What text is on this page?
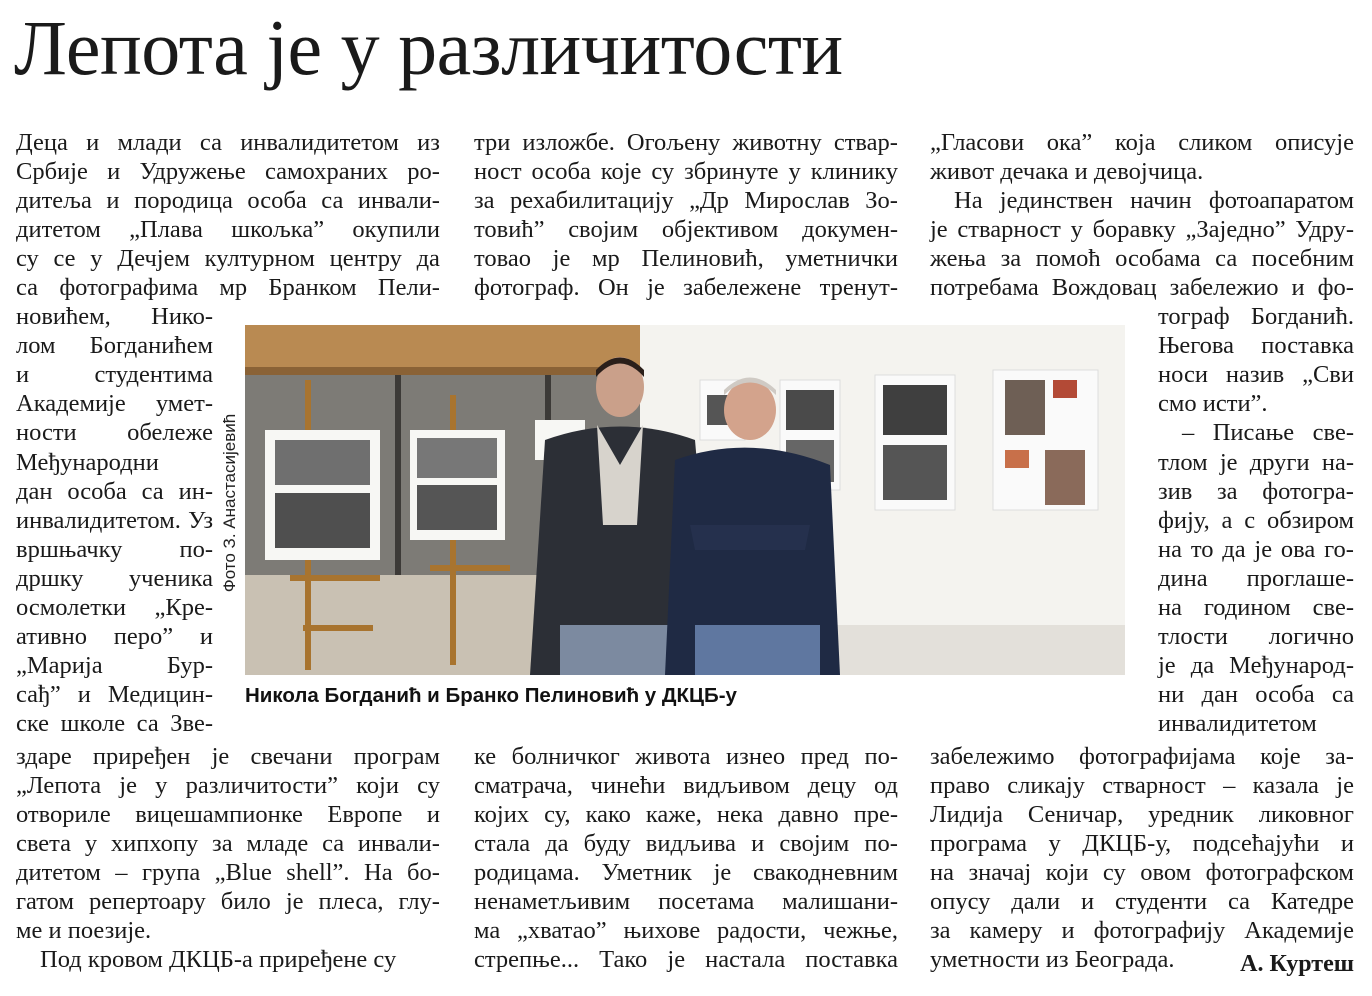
Лепота је у различитости
Деца и млади са инвалидитетом из
Србије и Удружење самохраних ро-
дитеља и породица особа са инвали-
дитетом „Плава шкољка” окупили
су се у Дечјем културном центру да
са фотографима мр Бранком Пели-
новићем, Нико-
лом Богданићем
и	студентима
Академије умет-
ности обележе
Међународни
дан особа са ин-
инвалидитетом. Уз
вршњачку по-
дршку ученика
осмолетки „Кре-
ативно перо” и
„Марија	Бур-
сађ” и Медицин-
ске школе са Зве-
здаре приређен је свечани програм
„Лепота је у различитости” који су
отвориле вицешампионке Европе и
света у хипхопу за младе са инвали-
дитетом – група „Blue shell”. На бо-
гатом репертоару било је плеса, глу-
ме и поезије.
Под кровом ДКЦБ-а приређене су
три изложбе. Огољену животну ствар-
ност особа које су збринуте у клинику
за рехабилитацију „Др Мирослав Зо-
товић” својим објективом докумен-
товао је мр Пелиновић, уметнички
фотограф. Он је забележене тренут-
ке болничког живота изнео пред по-
сматрача, чинећи видљивом децу од
којих су, како каже, нека давно пре-
стала да буду видљива и својим по-
родицама. Уметник је свакодневним
ненаметљивим посетама малишани-
ма „хватао” њихове радости, чежње,
стрепње... Тако је настала поставка
„Гласови ока” која сликом описује
живот дечака и девојчица.
На јединствен начин фотоапаратом
је стварност у боравку „Заједно” Удру-
жења за помоћ особама са посебним
потребама Вождовац забележио и фо-
тограф Богданић.
Његова поставка
носи назив „Сви
смо исти”.
– Писање све-
тлом је други на-
зив за фотогра-
фију, а с обзиром
на то да је ова го-
дина проглаше-
на годином све-
тлости логично
је да Међународ-
ни дан особа са
инвалидитетом
забележимо фотографијама које за-
право сликају стварност – казала је
Лидија Сеничар, уредник ликовног
програма у ДКЦБ-у, подсећајући и
на значај који су овом фотографском
опусу дали и студенти са Катедре
за камеру и фотографију Академије
уметности из Београда.
Фото З. Анастасијевић
Никола Богданић и Бранко Пелиновић у ДКЦБ-у
А. Куртеш
